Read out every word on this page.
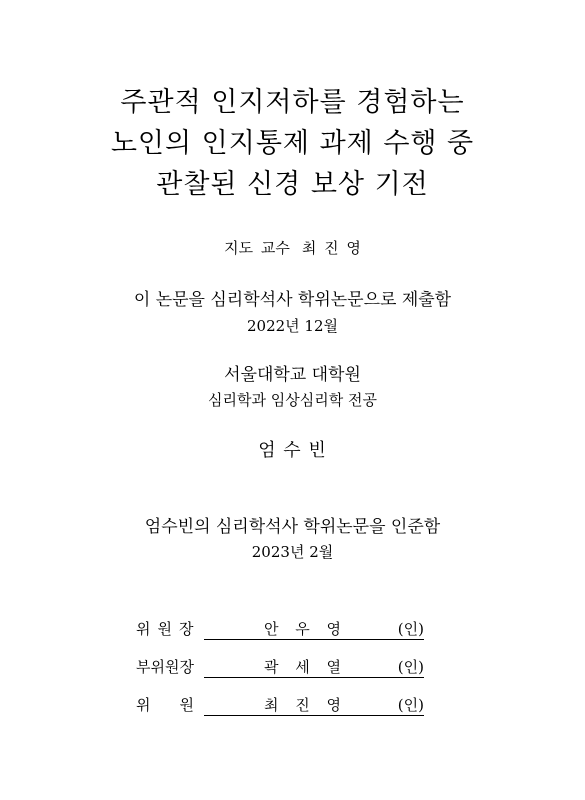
주관적 인지저하를 경험하는
노인의 인지통제 과제 수행 중
관찰된 신경 보상 기전
지도 교수 최 진 영
이 논문을 심리학석사 학위논문으로 제출함
2022년 12월
서울대학교 대학원
심리학과 임상심리학 전공
엄 수 빈
엄수빈의 심리학석사 학위논문을 인준함
2023년 2월
위원장	안 우 영	(인)
부위원장	곽 세 열	(인)
위원	최 진 영	(인)
